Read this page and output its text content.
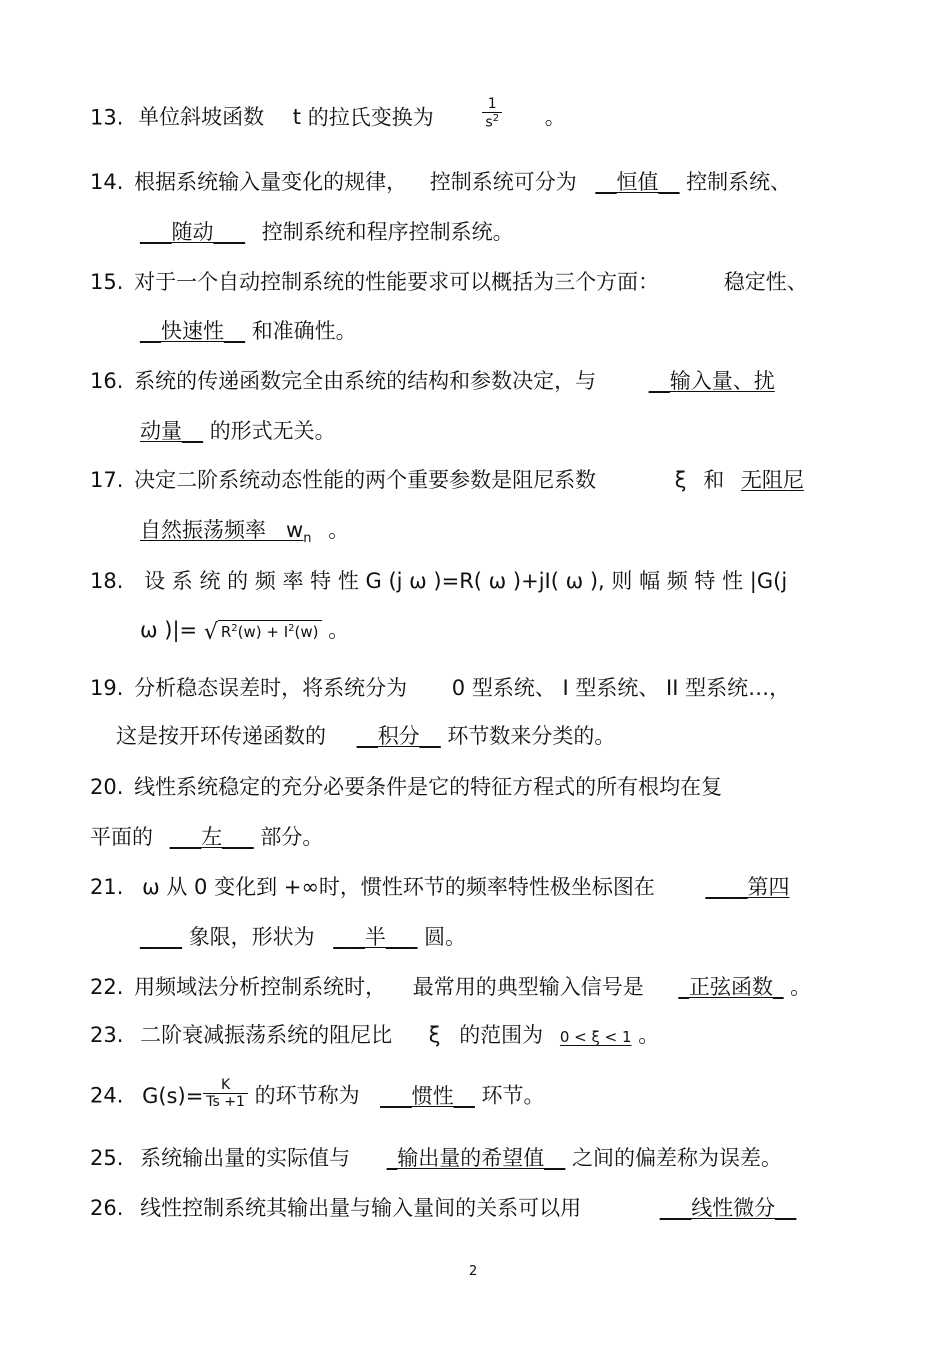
13. 单位斜坡函数 t 的拉氏变换为	$\frac{1}{s^2}$ 。
14. 根据系统输入量变化的规律， 控制系统可分为 __恒值__ 控制系统、
___随动___ 控制系统和程序控制系统。
15. 对于一个自动控制系统的性能要求可以概括为三个方面：	稳定性、
__快速性__ 和准确性。
16. 系统的传递函数完全由系统的结构和参数决定，与	__输入量、扰
动量__ 的形式无关。
17. 决定二阶系统动态性能的两个重要参数是阻尼系数	ξ 和 无阻尼
自然振荡频率 $w_n$ 。
18. 设 系 统 的 频 率 特 性 G (j ω )=R( ω )+jI( ω ), 则 幅 频 特 性 |G(j
ω )|= √ $R^2(w) + I^2(w)$ 。
19. 分析稳态误差时，将系统分为 0 型系统、 I 型系统、 II 型系统…，
这是按开环传递函数的 __积分__ 环节数来分类的。
20. 线性系统稳定的充分必要条件是它的特征方程式的所有根均在复
平面的 ___左___ 部分。
21. ω 从 0 变化到 +∞时，惯性环节的频率特性极坐标图在 ____第四
____ 象限，形状为 ___半___ 圆。
22. 用频域法分析控制系统时， 最常用的典型输入信号是 _正弦函数_ 。
23. 二阶衰减振荡系统的阻尼比 ξ 的范围为 0 < ξ < 1 。
24. $G(s)= \frac{K}{Ts +1}$ 的环节称为 ___惯性__ 环节。
25. 系统输出量的实际值与 _输出量的希望值__ 之间的偏差称为误差。
26. 线性控制系统其输出量与输入量间的关系可以用	___线性微分__
2
